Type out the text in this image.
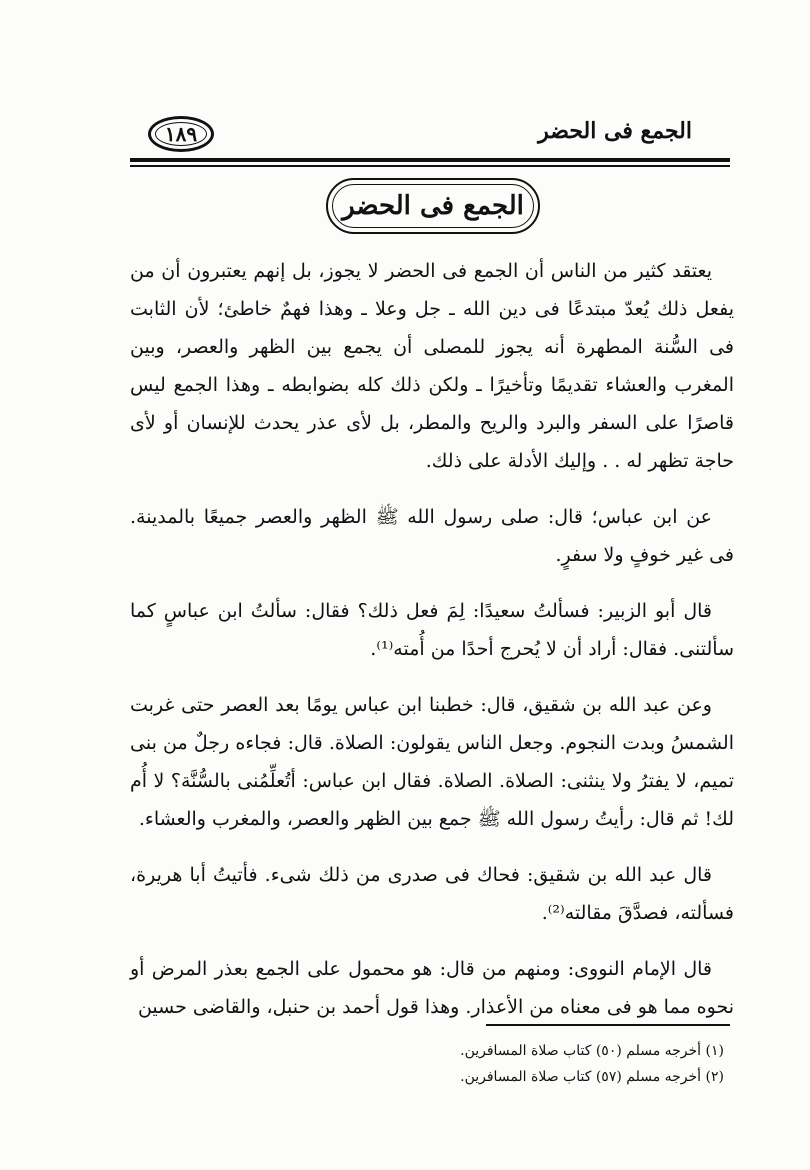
الجمع فى الحضر
١٨٩
الجمع فى الحضر

يعتقد كثير من الناس أن الجمع فى الحضر لا يجوز، بل إنهم يعتبرون أن من يفعل ذلك يُعدّ مبتدعًا فى دين الله ـ جل وعلا ـ وهذا فهمٌ خاطئ؛ لأن الثابت فى السُّنة المطهرة أنه يجوز للمصلى أن يجمع بين الظهر والعصر، وبين المغرب والعشاء تقديمًا وتأخيرًا ـ ولكن ذلك كله بضوابطه ـ وهذا الجمع ليس قاصرًا على السفر والبرد والريح والمطر، بل لأى عذر يحدث للإنسان أو لأى حاجة تظهر له . . وإليك الأدلة على ذلك.

عن ابن عباس؛ قال: صلى رسول الله ﷺ الظهر والعصر جميعًا بالمدينة. فى غير خوفٍ ولا سفرٍ.

قال أبو الزبير: فسألتُ سعيدًا: لِمَ فعل ذلك؟ فقال: سألتُ ابن عباسٍ كما سألتنى. فقال: أراد أن لا يُحرج أحدًا من أُمته⁽¹⁾.

وعن عبد الله بن شقيق، قال: خطبنا ابن عباس يومًا بعد العصر حتى غربت الشمسُ وبدت النجوم. وجعل الناس يقولون: الصلاة. قال: فجاءه رجلٌ من بنى تميم، لا يفترُ ولا ينثنى: الصلاة. الصلاة. فقال ابن عباس: أتُعلِّمُنى بالسُّنَّة؟ لا أُم لك! ثم قال: رأيتُ رسول الله ﷺ جمع بين الظهر والعصر، والمغرب والعشاء.

قال عبد الله بن شقيق: فحاك فى صدرى من ذلك شىء. فأتيتُ أبا هريرة، فسألته، فصدَّقَ مقالته⁽²⁾.

قال الإمام النووى: ومنهم من قال: هو محمول على الجمع بعذر المرض أو نحوه مما هو فى معناه من الأعذار. وهذا قول أحمد بن حنبل، والقاضى حسين

(١) أخرجه مسلم (٥٠) كتاب صلاة المسافرين.

(٢) أخرجه مسلم (٥٧) كتاب صلاة المسافرين.
